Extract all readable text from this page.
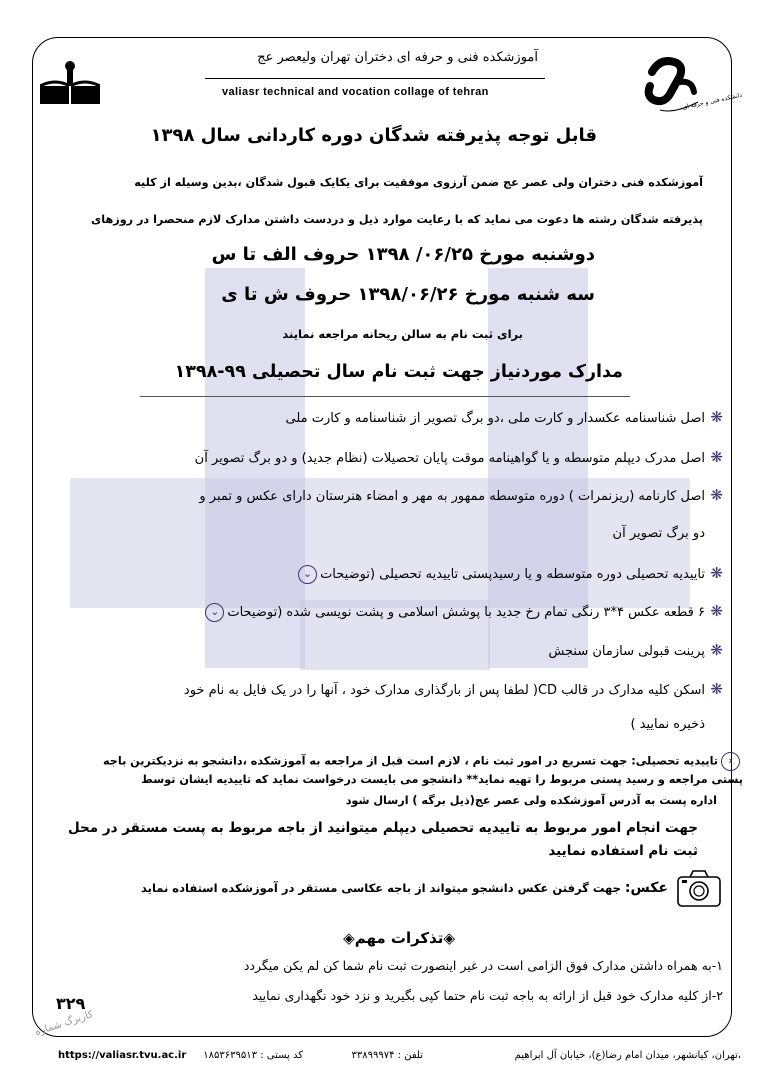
آموزشکده فنی و حرفه ای دختران تهران ولیعصر عج
valiasr technical and vocation collage of tehran	دانشکده فنی و حرفه ای
قابل توجه پذیرفته شدگان دوره کاردانی سال ۱۳۹۸
آموزشکده فنی دختران ولی عصر عج ضمن آرزوی موفقیت برای یکایک قبول شدگان ،بدین وسیله از کلیه
پذیرفته شدگان رشته ها دعوت می نماید که با رعایت موارد ذیل و دردست داشتن مدارک لازم منحصرا در روزهای
دوشنبه مورخ ۰۶/۲۵/ ۱۳۹۸ حروف الف تا س
سه شنبه مورخ ۱۳۹۸/۰۶/۲۶ حروف ش تا ی
برای ثبت نام به سالن ریحانه مراجعه نمایند
مدارک موردنیاز جهت ثبت نام سال تحصیلی ۹۹-۱۳۹۸
❋اصل شناسنامه عکسدار و کارت ملی ،دو برگ تصویر از شناسنامه و کارت ملی
❋اصل مدرک دیپلم متوسطه و یا گواهینامه موقت پایان تحصیلات (نظام جدید) و دو برگ تصویر آن
❋اصل کارنامه (ریزنمرات ) دوره متوسطه ممهور به مهر و امضاء هنرستان دارای عکس و تمبر و
دو برگ تصویر آن
❋تاییدیه تحصیلی دوره متوسطه و یا رسیدپستی تاییدیه تحصیلی (توضیحات⌄
❋۶ قطعه عکس ۴*۳ رنگی تمام رخ جدید با پوشش اسلامی و پشت نویسی شده (توضیحات⌄
❋پرینت قبولی سازمان سنجش
❋اسکن کلیه مدارک در قالب CD( لطفا پس از بارگذاری مدارک خود ، آنها را در یک فایل به نام خود
ذخیره نمایید )
‹تاییدیه تحصیلی: جهت تسریع در امور ثبت نام ، لازم است قبل از مراجعه به آموزشکده ،دانشجو به نزدیکترین باجه
پستی مراجعه و رسید پستی مربوط را تهیه نماید** دانشجو می بایست درخواست نماید که تاییدیه ایشان توسط
اداره پست به آدرس آموزشکده ولی عصر عج(ذیل برگه ) ارسال شود
جهت انجام امور مربوط به تاییدیه تحصیلی دیپلم میتوانید از باجه مربوط به پست مستقر در محل
ثبت نام استفاده نمایید
عکس: جهت گرفتن عکس دانشجو میتواند از باجه عکاسی مستقر در آموزشکده استفاده نماید
◈تذکرات مهم◈
۱-به همراه داشتن مدارک فوق الزامی است در غیر اینصورت ثبت نام شما کن لم یکن میگردد
۲-از کلیه مدارک خود قبل از ارائه به باجه ثبت نام حتما کپی بگیرید و نزد خود نگهداری نمایید
۳۲۹
کاربرگ شماره
https://valiasr.tvu.ac.ir کد پستی : ۱۸۵۳۶۳۹۵۱۳	تلفن : ۳۳۸۹۹۹۷۴	،تهران، کیانشهر، میدان امام رضا(ع)، خیابان آل ابراهیم
